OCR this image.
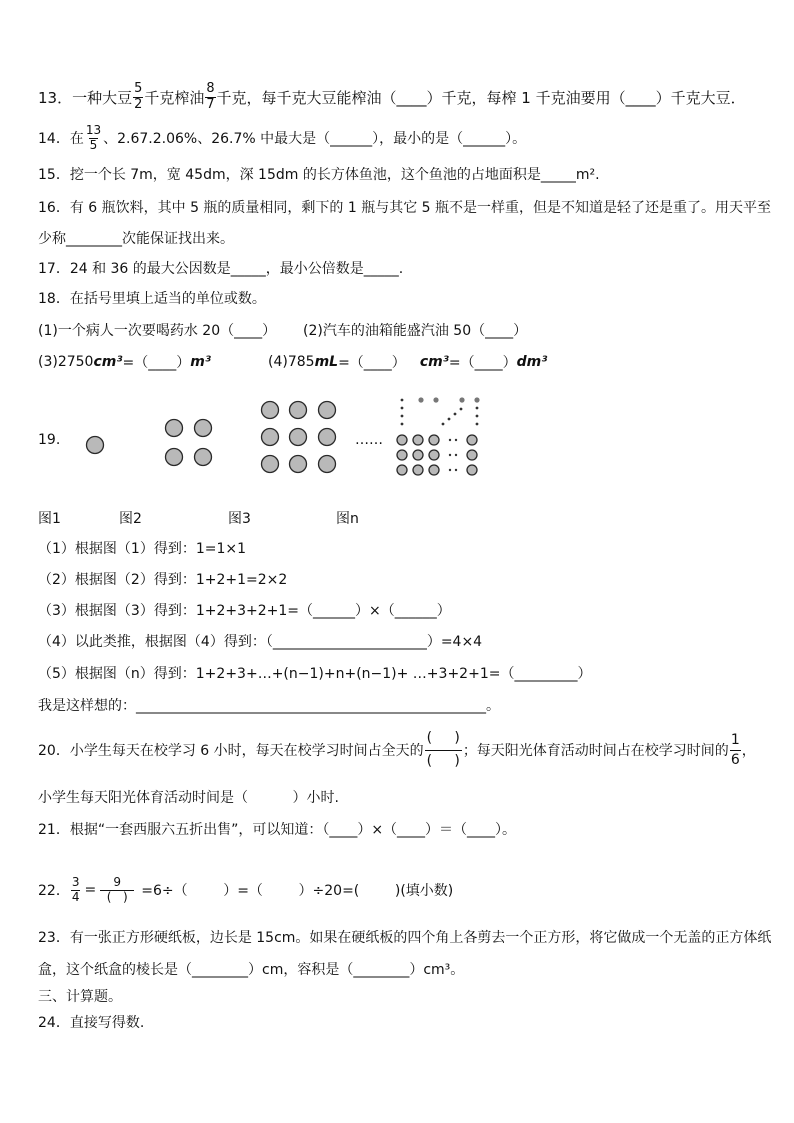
13． 一种大豆 $\frac{5}{2}$ 千克榨油 $\frac{8}{7}$ 千克，每千克大豆能榨油（____）千克，每榨 1 千克油要用（____）千克大豆．
14． 在 $\frac{13}{5}$ 、2.67.2.06%、26.7% 中最大是（______），最小的是（______）。
15．挖一个长 7m，宽 45dm，深 15dm 的长方体鱼池，这个鱼池的占地面积是_____m².
16．有 6 瓶饮料，其中 5 瓶的质量相同，剩下的 1 瓶与其它 5 瓶不是一样重，但是不知道是轻了还是重了。用天平至
少称________次能保证找出来。
17．24 和 36 的最大公因数是_____，最小公倍数是_____.
18．在括号里填上适当的单位或数。
(1)一个病人一次要喝药水 20（____） (2)汽车的油箱能盛汽油 50（____）
(3)2750 cm³ =（____） m³	(4)785 mL =（____） cm³ =（____） dm³
19.	……
图1	图2	图3	图n
（1）根据图（1）得到：1=1×1
（2）根据图（2）得到：1+2+1=2×2
（3）根据图（3）得到：1+2+3+2+1=（______）×（______）
（4）以此类推，根据图（4）得到：（______________________）=4×4
（5）根据图（n）得到：1+2+3+…+(n−1)+n+(n−1)+ …+3+2+1=（_________）
我是这样想的：__________________________________________________。
20．小学生每天在校学习 6 小时，每天在校学习时间占全天的 $\frac{( )}{( )}$ ；每天阳光体育活动时间占在校学习时间的 $\frac{1}{6}$ ，
小学生每天阳光体育活动时间是（          ）小时.
21．根据“一套西服六五折出售”，可以知道：（____）×（____）＝（____）。
22． $\frac{3}{4} = \frac{9}{( )} =6\div$（        ）=（        ）÷20=(        )(填小数)
23．有一张正方形硬纸板，边长是 15cm。如果在硬纸板的四个角上各剪去一个正方形，将它做成一个无盖的正方体纸
盒，这个纸盒的棱长是（________）cm，容积是（________）cm³。
三、计算题。
24．直接写得数.
